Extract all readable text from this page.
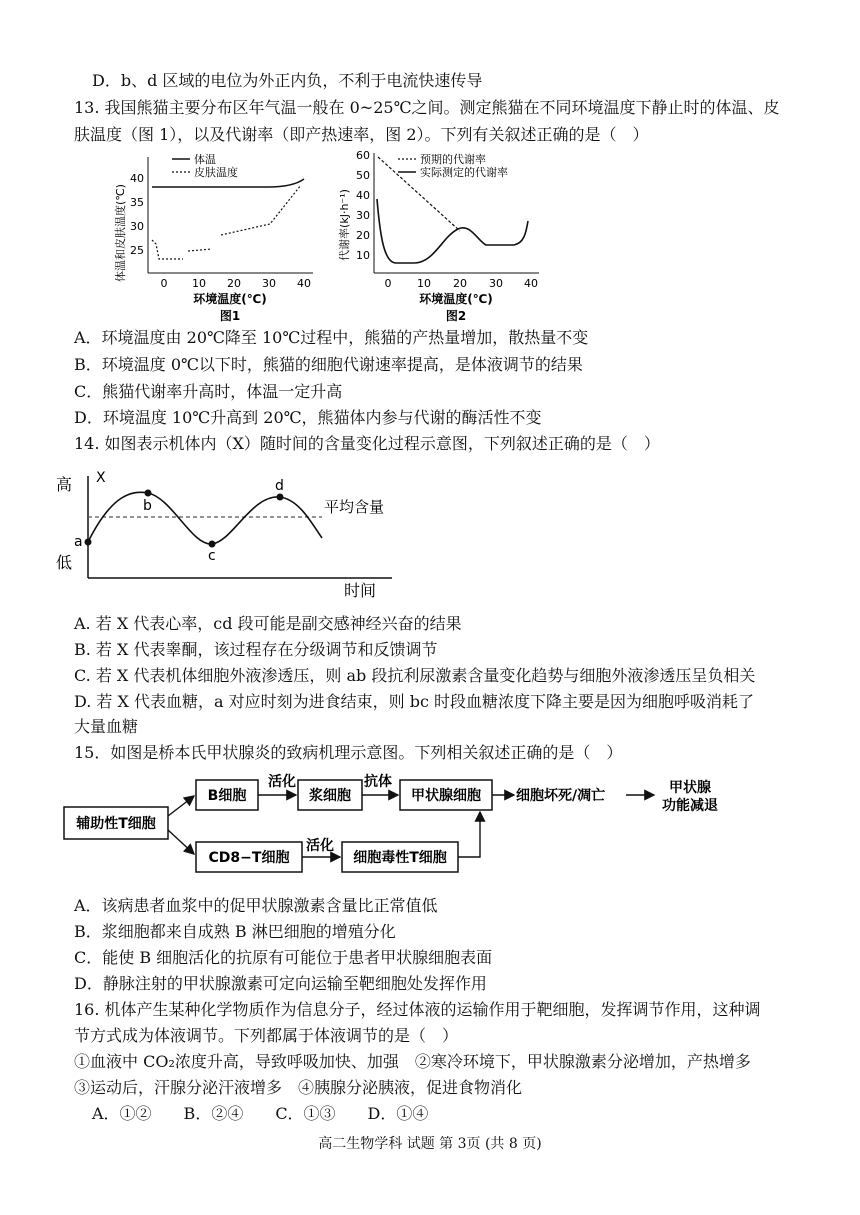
D．b、d 区域的电位为外正内负，不利于电流快速传导
13. 我国熊猫主要分布区年气温一般在 0~25℃之间。测定熊猫在不同环境温度下静止时的体温、皮
肤温度（图 1），以及代谢率（即产热速率，图 2）。下列有关叙述正确的是（　）
体温和皮肤温度(℃)
40
35
30
25
0 10 20 30 40
体温
皮肤温度
环境温度(℃)
图1
代谢率(kJ·h⁻¹)
60
50
40
30
20
10
0 10 20 30 40
预期的代谢率
实际测定的代谢率
环境温度(℃)
图2
A．环境温度由 20℃降至 10℃过程中，熊猫的产热量增加，散热量不变
B．环境温度 0℃以下时，熊猫的细胞代谢速率提高，是体液调节的结果
C．熊猫代谢率升高时，体温一定升高
D．环境温度 10℃升高到 20℃，熊猫体内参与代谢的酶活性不变
14. 如图表示机体内（X）随时间的含量变化过程示意图，下列叙述正确的是（　）
高
低
X
平均含量
a
b
c
d
时间
A. 若 X 代表心率，cd 段可能是副交感神经兴奋的结果
B. 若 X 代表睾酮，该过程存在分级调节和反馈调节
C. 若 X 代表机体细胞外液渗透压，则 ab 段抗利尿激素含量变化趋势与细胞外液渗透压呈负相关
D. 若 X 代表血糖，a 对应时刻为进食结束，则 bc 时段血糖浓度下降主要是因为细胞呼吸消耗了
大量血糖
15．如图是桥本氏甲状腺炎的致病机理示意图。下列相关叙述正确的是（　）
辅助性T细胞
B细胞	浆细胞	甲状腺细胞
CD8−T细胞	细胞毒性T细胞
活化	抗体
活化
细胞坏死/凋亡	甲状腺
功能减退
A．该病患者血浆中的促甲状腺激素含量比正常值低
B．浆细胞都来自成熟 B 淋巴细胞的增殖分化
C．能使 B 细胞活化的抗原有可能位于患者甲状腺细胞表面
D．静脉注射的甲状腺激素可定向运输至靶细胞处发挥作用
16. 机体产生某种化学物质作为信息分子，经过体液的运输作用于靶细胞，发挥调节作用，这种调
节方式成为体液调节。下列都属于体液调节的是（　）
①血液中 CO₂浓度升高，导致呼吸加快、加强　②寒冷环境下，甲状腺激素分泌增加，产热增多
③运动后，汗腺分泌汗液增多　④胰腺分泌胰液，促进食物消化
A．①②　　B．②④　　C．①③　　D．①④
高二生物学科 试题 第 3页 (共 8 页)
